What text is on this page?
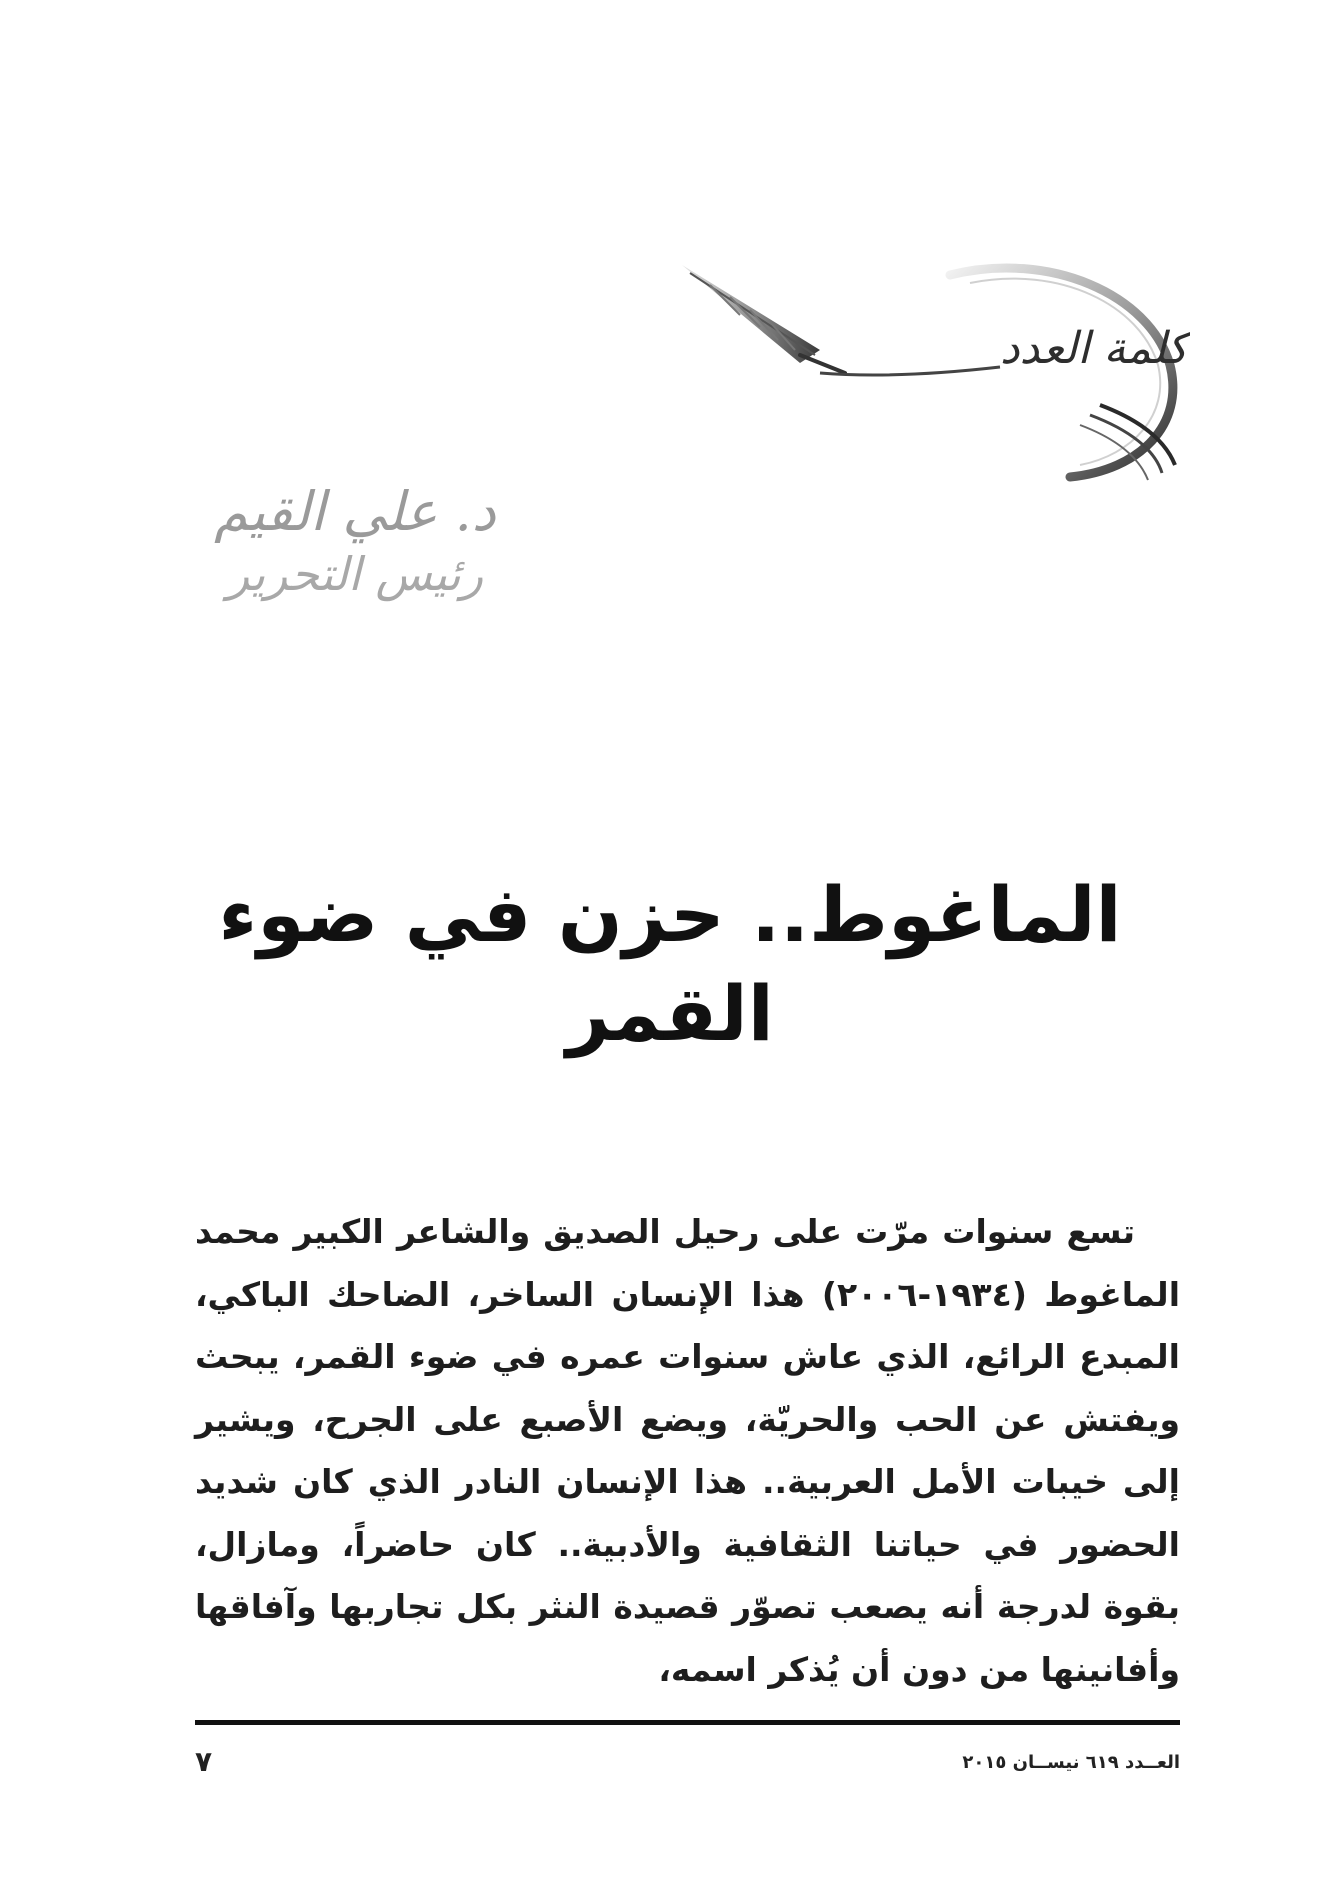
كلمة العدد
د. علي القيم
رئيس التحرير
الماغوط.. حزن في ضوء القمر

تسع سنوات مرّت على رحيل الصديق والشاعر الكبير محمد الماغوط (١٩٣٤-٢٠٠٦) هذا الإنسان الساخر، الضاحك الباكي، المبدع الرائع، الذي عاش سنوات عمره في ضوء القمر، يبحث ويفتش عن الحب والحريّة، ويضع الأصبع على الجرح، ويشير إلى خيبات الأمل العربية.. هذا الإنسان النادر الذي كان شديد الحضور في حياتنا الثقافية والأدبية.. كان حاضراً، ومازال، بقوة لدرجة أنه يصعب تصوّر قصيدة النثر بكل تجاربها وآفاقها وأفانينها من دون أن يُذكر اسمه،

العــدد ٦١٩ نيســان ٢٠١٥
٧
